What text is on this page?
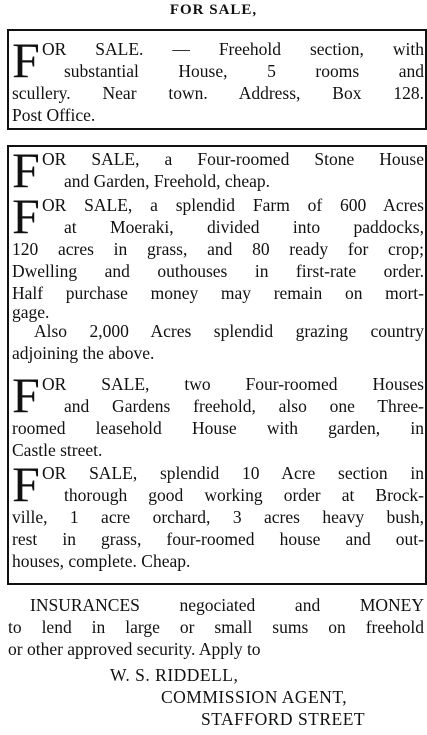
FOR SALE,
F OR SALE. — Freehold section, with
substantial House, 5 rooms and
scullery. Near town. Address, Box 128.
Post Office.
F OR SALE, a Four-roomed Stone House
and Garden, Freehold, cheap.
F OR SALE, a splendid Farm of 600 Acres
at Moeraki, divided into paddocks,
120 acres in grass, and 80 ready for crop;
Dwelling and outhouses in first-rate order.
Half purchase money may remain on mort-
gage.
Also 2,000 Acres splendid grazing country
adjoining the above.
F OR SALE, two Four-roomed Houses
and Gardens freehold, also one Three-
roomed leasehold House with garden, in
Castle street.
F OR SALE, splendid 10 Acre section in
thorough good working order at Brock-
ville, 1 acre orchard, 3 acres heavy bush,
rest in grass, four-roomed house and out-
houses, complete. Cheap.
INSURANCES negociated and MONEY
to lend in large or small sums on freehold
or other approved security. Apply to
W. S. RIDDELL,
COMMISSION AGENT,
STAFFORD STREET
